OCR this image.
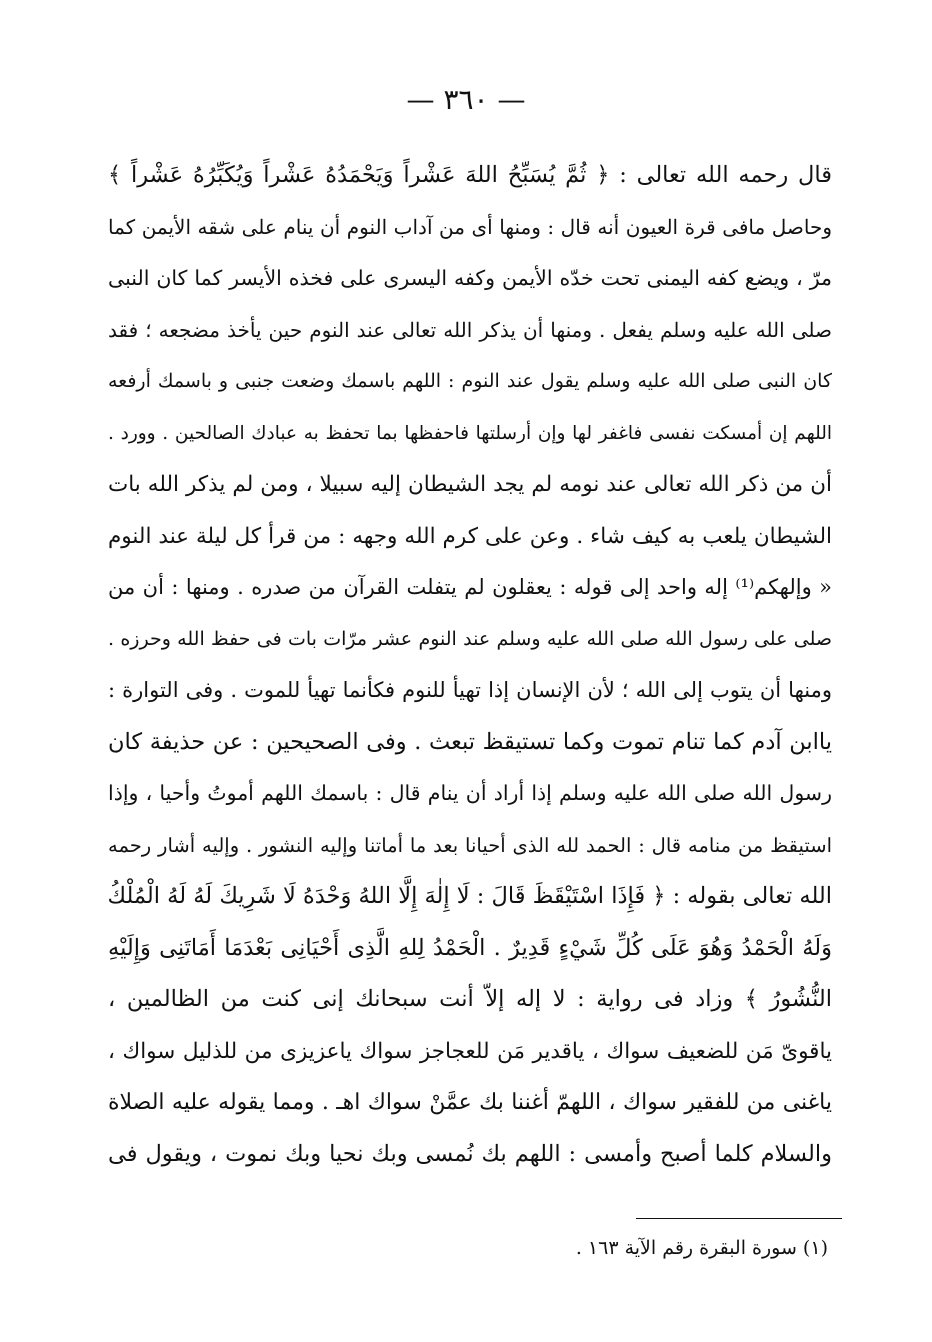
— ٣٦٠ —
قال رحمه الله تعالى : ﴿ ثُمَّ يُسَبِّحُ اللهَ عَشْراً وَيَحْمَدُهُ عَشْراً وَيُكَبِّرُهُ عَشْراً ﴾
وحاصل مافى قرة العيون أنه قال : ومنها أى من آداب النوم أن ينام على شقه الأيمن كما
مرّ ، ويضع كفه اليمنى تحت خدّه الأيمن وكفه اليسرى على فخذه الأيسر كما كان النبى
صلى الله عليه وسلم يفعل . ومنها أن يذكر الله تعالى عند النوم حين يأخذ مضجعه ؛ فقد
كان النبى صلى الله عليه وسلم يقول عند النوم : اللهم باسمك وضعت جنبى و باسمك أرفعه
اللهم إن أمسكت نفسى فاغفر لها وإن أرسلتها فاحفظها بما تحفظ به عبادك الصالحين . وورد .
أن من ذكر الله تعالى عند نومه لم يجد الشيطان إليه سبيلا ، ومن لم يذكر الله بات
الشيطان يلعب به كيف شاء . وعن على كرم الله وجهه : من قرأ كل ليلة عند النوم
« وإلهكم⁽¹⁾ إله واحد إلى قوله : يعقلون لم يتفلت القرآن من صدره . ومنها : أن من
صلى على رسول الله صلى الله عليه وسلم عند النوم عشر مرّات بات فى حفظ الله وحرزه .
ومنها أن يتوب إلى الله ؛ لأن الإنسان إذا تهيأ للنوم فكأنما تهيأ للموت . وفى التوارة :
ياابن آدم كما تنام تموت وكما تستيقظ تبعث . وفى الصحيحين : عن حذيفة كان
رسول الله صلى الله عليه وسلم إذا أراد أن ينام قال : باسمك اللهم أموتُ وأحيا ، وإذا
استيقظ من منامه قال : الحمد لله الذى أحيانا بعد ما أماتنا وإليه النشور . وإليه أشار رحمه
الله تعالى بقوله : ﴿ فَإِذَا اسْتَيْقَظَ قَالَ : لَا إِلٰهَ إِلَّا اللهُ وَحْدَهُ لَا شَرِيكَ لَهُ لَهُ الْمُلْكُ
وَلَهُ الْحَمْدُ وَهُوَ عَلَى كُلِّ شَيْءٍ قَدِيرٌ . الْحَمْدُ لِلهِ الَّذِى أَحْيَانِى بَعْدَمَا أَمَاتَنِى وَإِلَيْهِ
النُّشُورُ ﴾ وزاد فى رواية : لا إله إلاّ أنت سبحانك إنى كنت من الظالمين ،
ياقوىّ مَن للضعيف سواك ، ياقدير مَن للعجاجز سواك ياعزيزى من للذليل سواك ،
ياغنى من للفقير سواك ، اللهمّ أغننا بك عمَّنْ سواك اهـ . ومما يقوله عليه الصلاة
والسلام كلما أصبح وأمسى : اللهم بك نُمسى وبك نحيا وبك نموت ، ويقول فى
(١) سورة البقرة رقم الآية ١٦٣ .
